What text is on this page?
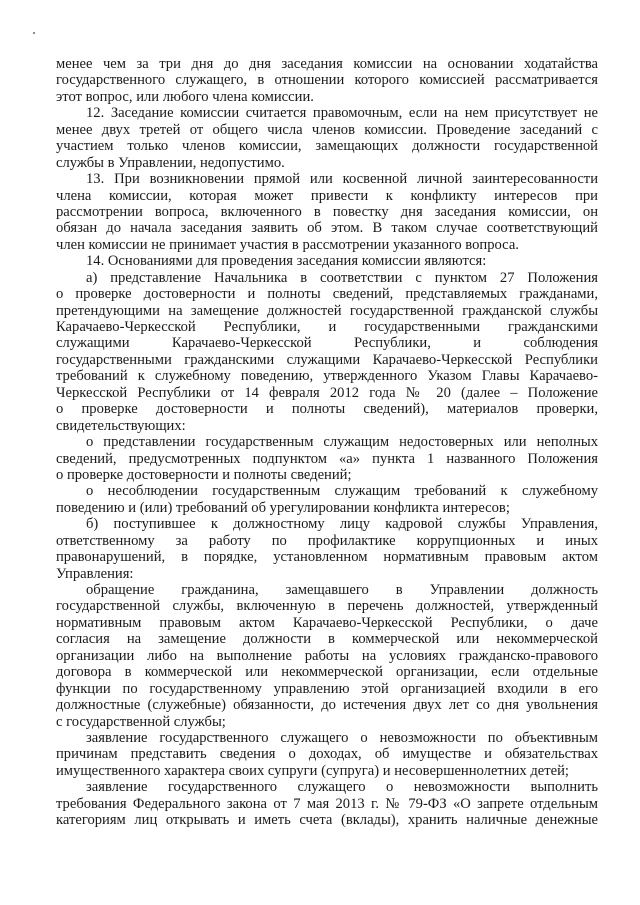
менее чем за три дня до дня заседания комиссии на основании ходатайства
государственного служащего, в отношении которого комиссией рассматривается
этот вопрос, или любого члена комиссии.
12. Заседание комиссии считается правомочным, если на нем присутствует не
менее двух третей от общего числа членов комиссии. Проведение заседаний с
участием только членов комиссии, замещающих должности государственной
службы в Управлении, недопустимо.
13. При возникновении прямой или косвенной личной заинтересованности
члена комиссии, которая может привести к конфликту интересов при
рассмотрении вопроса, включенного в повестку дня заседания комиссии, он
обязан до начала заседания заявить об этом. В таком случае соответствующий
член комиссии не принимает участия в рассмотрении указанного вопроса.
14. Основаниями для проведения заседания комиссии являются:
а) представление Начальника в соответствии с пунктом 27 Положения
о проверке достоверности и полноты сведений, представляемых гражданами,
претендующими на замещение должностей государственной гражданской службы
Карачаево-Черкесской Республики, и государственными гражданскими
служащими Карачаево-Черкесской Республики, и соблюдения
государственными гражданскими служащими Карачаево-Черкесской Республики
требований к служебному поведению, утвержденного Указом Главы Карачаево-
Черкесской Республики от 14 февраля 2012 года № 20 (далее – Положение
о проверке достоверности и полноты сведений), материалов проверки,
свидетельствующих:
о представлении государственным служащим недостоверных или неполных
сведений, предусмотренных подпунктом «а» пункта 1 названного Положения
о проверке достоверности и полноты сведений;
о несоблюдении государственным служащим требований к служебному
поведению и (или) требований об урегулировании конфликта интересов;
б) поступившее к должностному лицу кадровой службы Управления,
ответственному за работу по профилактике коррупционных и иных
правонарушений, в порядке, установленном нормативным правовым актом
Управления:
обращение гражданина, замещавшего в Управлении должность
государственной службы, включенную в перечень должностей, утвержденный
нормативным правовым актом Карачаево-Черкесской Республики, о даче
согласия на замещение должности в коммерческой или некоммерческой
организации либо на выполнение работы на условиях гражданско-правового
договора в коммерческой или некоммерческой организации, если отдельные
функции по государственному управлению этой организацией входили в его
должностные (служебные) обязанности, до истечения двух лет со дня увольнения
с государственной службы;
заявление государственного служащего о невозможности по объективным
причинам представить сведения о доходах, об имуществе и обязательствах
имущественного характера своих супруги (супруга) и несовершеннолетних детей;
заявление государственного служащего о невозможности выполнить
требования Федерального закона от 7 мая 2013 г. № 79-ФЗ «О запрете отдельным
категориям лиц открывать и иметь счета (вклады), хранить наличные денежные
